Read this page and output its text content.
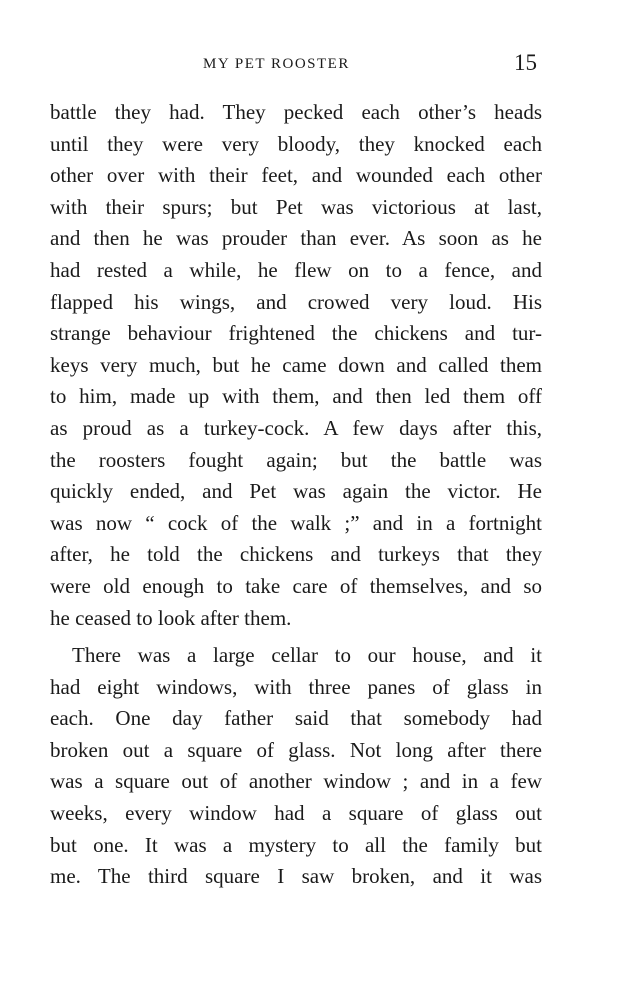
MY PET ROOSTER	15

battle they had. They pecked each other’s heads
until they were very bloody, they knocked each
other over with their feet, and wounded each other
with their spurs; but Pet was victorious at last,
and then he was prouder than ever. As soon as he
had rested a while, he flew on to a fence, and
flapped his wings, and crowed very loud. His
strange behaviour frightened the chickens and tur-
keys very much, but he came down and called them
to him, made up with them, and then led them off
as proud as a turkey-cock. A few days after this,
the roosters fought again; but the battle was
quickly ended, and Pet was again the victor. He
was now “ cock of the walk ;” and in a fortnight
after, he told the chickens and turkeys that they
were old enough to take care of themselves, and so
he ceased to look after them.

There was a large cellar to our house, and it
had eight windows, with three panes of glass in
each. One day father said that somebody had
broken out a square of glass. Not long after there
was a square out of another window ; and in a few
weeks, every window had a square of glass out
but one. It was a mystery to all the family but
me. The third square I saw broken, and it was
